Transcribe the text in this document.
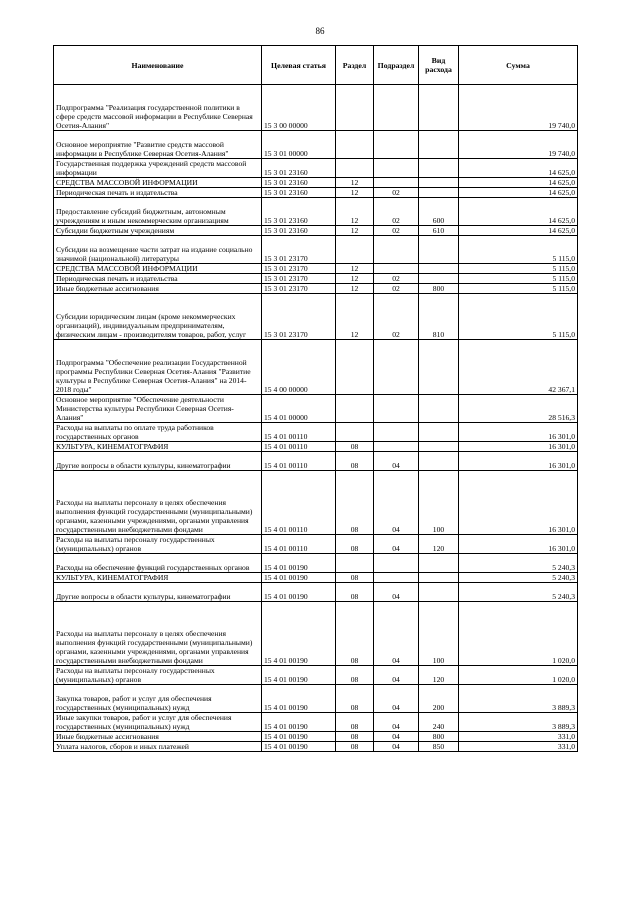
86
Наименование	Целевая статья	Раздел	Подраздел	Вид расхода	Сумма
Подпрограмма "Реализация государственной политики в сфере средств массовой информации в Республике Северная Осетия-Алания"	15 3 00 00000				19 740,0
Основное мероприятие "Развитие средств массовой информации в Республике Северная Осетия-Алания"	15 3 01 00000				19 740,0
Государственная поддержка учреждений средств массовой информации	15 3 01 23160				14 625,0
СРЕДСТВА МАССОВОЙ ИНФОРМАЦИИ	15 3 01 23160	12			14 625,0
Периодическая печать и издательства	15 3 01 23160	12	02		14 625,0
Предоставление субсидий бюджетным, автономным учреждениям и иным некоммерческим организациям	15 3 01 23160	12	02	600	14 625,0
Субсидии бюджетным учреждениям	15 3 01 23160	12	02	610	14 625,0
Субсидии на возмещение части затрат на издание социально значимой (национальной) литературы	15 3 01 23170				5 115,0
СРЕДСТВА МАССОВОЙ ИНФОРМАЦИИ	15 3 01 23170	12			5 115,0
Периодическая печать и издательства	15 3 01 23170	12	02		5 115,0
Иные бюджетные ассигнования	15 3 01 23170	12	02	800	5 115,0
Субсидии юридическим лицам (кроме некоммерческих организаций), индивидуальным предпринимателям, физическим лицам - производителям товаров, работ, услуг	15 3 01 23170	12	02	810	5 115,0
Подпрограмма "Обеспечение реализации Государственной программы Республики Северная Осетия-Алания "Развитие культуры в Республике Северная Осетия-Алания" на 2014-2018 годы"	15 4 00 00000				42 367,1
Основное мероприятие "Обеспечение деятельности Министерства культуры Республики Северная Осетия-Алания"	15 4 01 00000				28 516,3
Расходы на выплаты по оплате труда работников государственных органов	15 4 01 00110				16 301,0
КУЛЬТУРА, КИНЕМАТОГРАФИЯ	15 4 01 00110	08			16 301,0
Другие вопросы в области культуры, кинематографии	15 4 01 00110	08	04		16 301,0
Расходы на выплаты персоналу в целях обеспечения выполнения функций государственными (муниципальными) органами, казенными учреждениями, органами управления государственными внебюджетными фондами	15 4 01 00110	08	04	100	16 301,0
Расходы на выплаты персоналу государственных (муниципальных) органов	15 4 01 00110	08	04	120	16 301,0
Расходы на обеспечение функций государственных органов	15 4 01 00190				5 240,3
КУЛЬТУРА, КИНЕМАТОГРАФИЯ	15 4 01 00190	08			5 240,3
Другие вопросы в области культуры, кинематографии	15 4 01 00190	08	04		5 240,3
Расходы на выплаты персоналу в целях обеспечения выполнения функций государственными (муниципальными) органами, казенными учреждениями, органами управления государственными внебюджетными фондами	15 4 01 00190	08	04	100	1 020,0
Расходы на выплаты персоналу государственных (муниципальных) органов	15 4 01 00190	08	04	120	1 020,0
Закупка товаров, работ и услуг для обеспечения государственных (муниципальных) нужд	15 4 01 00190	08	04	200	3 889,3
Иные закупки товаров, работ и услуг для обеспечения государственных (муниципальных) нужд	15 4 01 00190	08	04	240	3 889,3
Иные бюджетные ассигнования	15 4 01 00190	08	04	800	331,0
Уплата налогов, сборов и иных платежей	15 4 01 00190	08	04	850	331,0
